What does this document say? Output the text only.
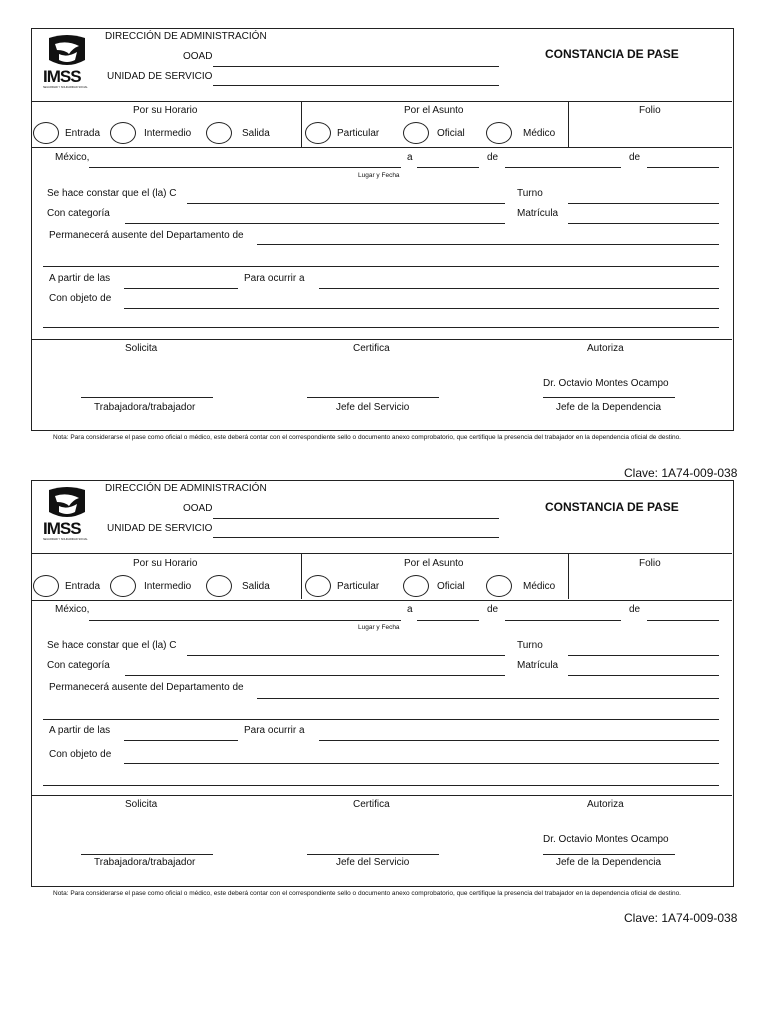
IMSS
SEGURIDAD Y SOLIDARIDAD SOCIAL
DIRECCIÓN DE ADMINISTRACIÓN
OOAD
UNIDAD DE SERVICIO
CONSTANCIA DE PASE
Por su Horario	Por el Asunto	Folio
Entrada	Intermedio	Salida	Particular	Oficial	Médico
México,	a	de	de
Lugar y Fecha
Se hace constar que el (la) C	Turno
Con categoría	Matrícula
Permanecerá ausente del Departamento de
A partir de las	Para ocurrir a
Con objeto de
Solicita	Certifica	Autoriza
Dr. Octavio Montes Ocampo
Trabajadora/trabajador	Jefe del Servicio	Jefe de la Dependencia
Nota: Para considerarse el pase como oficial o médico, este deberá contar con el correspondiente sello o documento anexo comprobatorio, que certifique la presencia del trabajador en la dependencia oficial de destino.
Clave: 1A74-009-038
IMSS
SEGURIDAD Y SOLIDARIDAD SOCIAL
DIRECCIÓN DE ADMINISTRACIÓN
OOAD
UNIDAD DE SERVICIO
CONSTANCIA DE PASE
Por su Horario	Por el Asunto	Folio
Entrada	Intermedio	Salida	Particular	Oficial	Médico
México,	a	de	de
Lugar y Fecha
Se hace constar que el (la) C	Turno
Con categoría	Matrícula
Permanecerá ausente del Departamento de
A partir de las	Para ocurrir a
Con objeto de
Solicita	Certifica	Autoriza
Dr. Octavio Montes Ocampo
Trabajadora/trabajador	Jefe del Servicio	Jefe de la Dependencia
Nota: Para considerarse el pase como oficial o médico, este deberá contar con el correspondiente sello o documento anexo comprobatorio, que certifique la presencia del trabajador en la dependencia oficial de destino.
Clave: 1A74-009-038
